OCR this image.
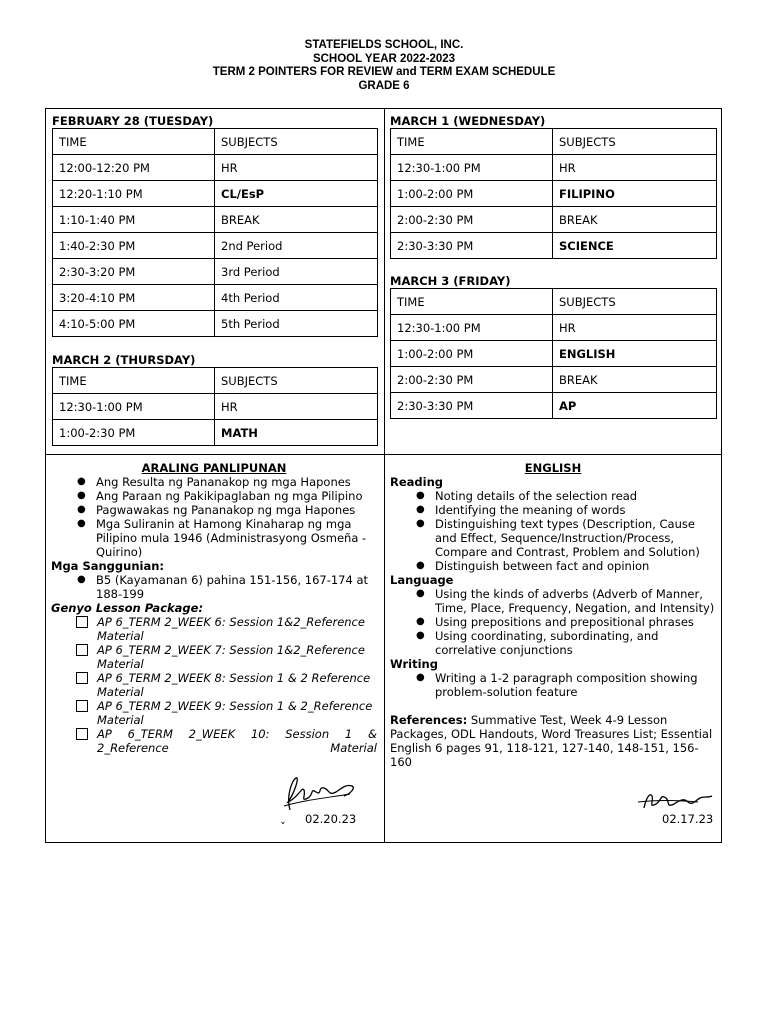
STATEFIELDS SCHOOL, INC.
SCHOOL YEAR 2022-2023
TERM 2 POINTERS FOR REVIEW and TERM EXAM SCHEDULE
GRADE 6
FEBRUARY 28 (TUESDAY)
TIME	SUBJECTS
12:00-12:20 PM	HR
12:20-1:10 PM	CL/EsP
1:10-1:40 PM	BREAK
1:40-2:30 PM	2nd Period
2:30-3:20 PM	3rd Period
3:20-4:10 PM	4th Period
4:10-5:00 PM	5th Period
MARCH 2 (THURSDAY)
TIME	SUBJECTS
12:30-1:00 PM	HR
1:00-2:30 PM	MATH
MARCH 1 (WEDNESDAY)
TIME	SUBJECTS
12:30-1:00 PM	HR
1:00-2:00 PM	FILIPINO
2:00-2:30 PM	BREAK
2:30-3:30 PM	SCIENCE
MARCH 3 (FRIDAY)
TIME	SUBJECTS
12:30-1:00 PM	HR
1:00-2:00 PM	ENGLISH
2:00-2:30 PM	BREAK
2:30-3:30 PM	AP
ARALING PANLIPUNAN
● Ang Resulta ng Pananakop ng mga Hapones
● Ang Paraan ng Pakikipaglaban ng mga Pilipino
● Pagwawakas ng Pananakop ng mga Hapones
● Mga Suliranin at Hamong Kinaharap ng mga Pilipino mula 1946 (Administrasyong Osmeña - Quirino)
Mga Sanggunian:
● B5 (Kayamanan 6) pahina 151-156, 167-174 at 188-199
Genyo Lesson Package:
AP 6_TERM 2_WEEK 6: Session 1&2_Reference Material
AP 6_TERM 2_WEEK 7: Session 1&2_Reference Material
AP 6_TERM 2_WEEK 8: Session 1 & 2 Reference Material
AP 6_TERM 2_WEEK 9: Session 1 & 2_Reference Material
AP 6_TERM 2_WEEK 10: Session 1 & 2_Reference Material
02.20.23
ˇ
ENGLISH
Reading
● Noting details of the selection read
● Identifying the meaning of words
● Distinguishing text types (Description, Cause and Effect, Sequence/Instruction/Process, Compare and Contrast, Problem and Solution)
● Distinguish between fact and opinion
Language
● Using the kinds of adverbs (Adverb of Manner, Time, Place, Frequency, Negation, and Intensity)
● Using prepositions and prepositional phrases
● Using coordinating, subordinating, and correlative conjunctions
Writing
● Writing a 1-2 paragraph composition showing problem-solution feature
References: Summative Test, Week 4-9 Lesson Packages, ODL Handouts, Word Treasures List; Essential English 6 pages 91, 118-121, 127-140, 148-151, 156-160
02.17.23
